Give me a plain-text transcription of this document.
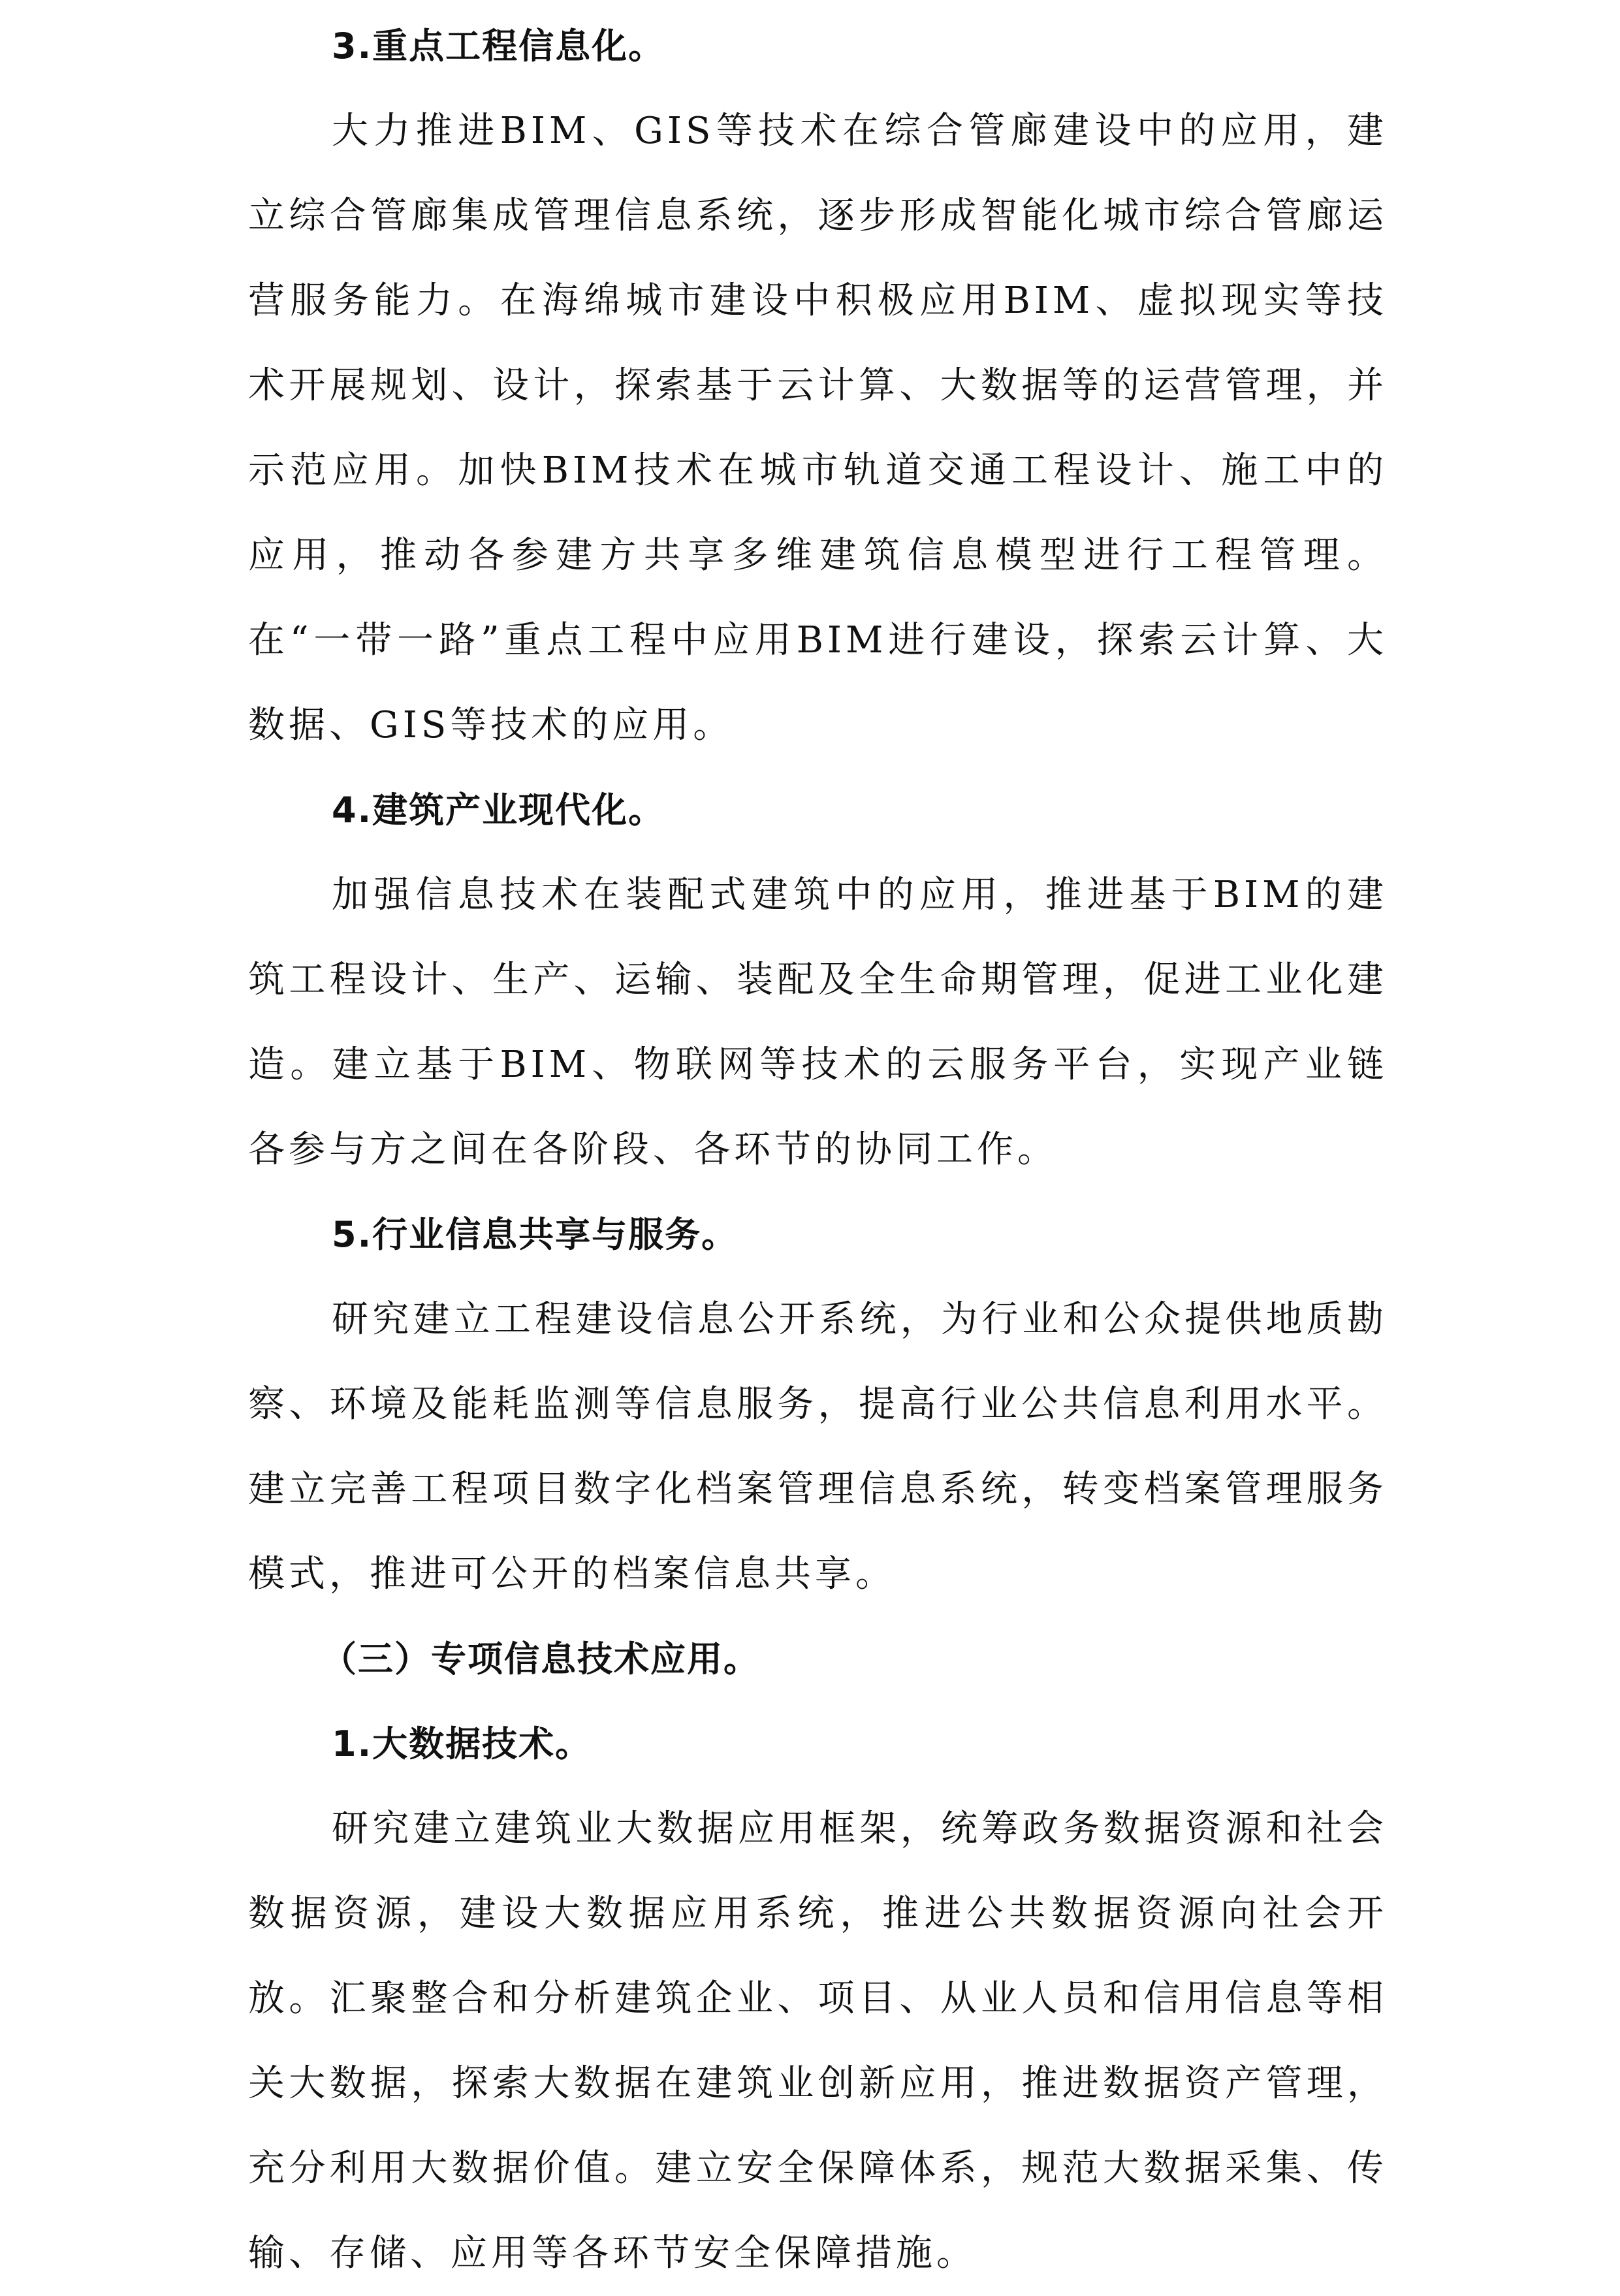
3.重点工程信息化。

大力推进BIM、GIS等技术在综合管廊建设中的应用，建立综合管廊集成管理信息系统，逐步形成智能化城市综合管廊运营服务能力。在海绵城市建设中积极应用BIM、虚拟现实等技术开展规划、设计，探索基于云计算、大数据等的运营管理，并示范应用。加快BIM技术在城市轨道交通工程设计、施工中的应用，推动各参建方共享多维建筑信息模型进行工程管理。在“一带一路”重点工程中应用BIM进行建设，探索云计算、大数据、GIS等技术的应用。

4.建筑产业现代化。

加强信息技术在装配式建筑中的应用，推进基于BIM的建筑工程设计、生产、运输、装配及全生命期管理，促进工业化建造。建立基于BIM、物联网等技术的云服务平台，实现产业链各参与方之间在各阶段、各环节的协同工作。

5.行业信息共享与服务。

研究建立工程建设信息公开系统，为行业和公众提供地质勘察、环境及能耗监测等信息服务，提高行业公共信息利用水平。建立完善工程项目数字化档案管理信息系统，转变档案管理服务模式，推进可公开的档案信息共享。

（三）专项信息技术应用。

1.大数据技术。

研究建立建筑业大数据应用框架，统筹政务数据资源和社会数据资源，建设大数据应用系统，推进公共数据资源向社会开放。汇聚整合和分析建筑企业、项目、从业人员和信用信息等相关大数据，探索大数据在建筑业创新应用，推进数据资产管理，充分利用大数据价值。建立安全保障体系，规范大数据采集、传输、存储、应用等各环节安全保障措施。
